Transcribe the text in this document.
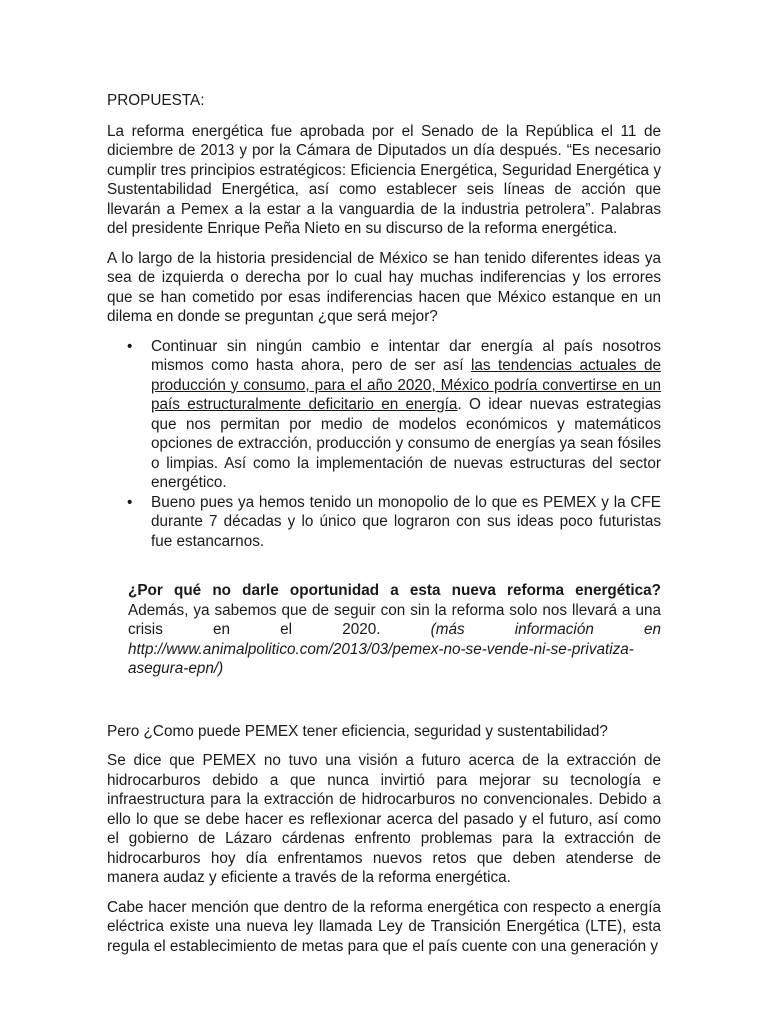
PROPUESTA:

La reforma energética fue aprobada por el Senado de la República el 11 de diciembre de 2013 y por la Cámara de Diputados un día después. “Es necesario cumplir tres principios estratégicos: Eficiencia Energética, Seguridad Energética y Sustentabilidad Energética, así como establecer seis líneas de acción que llevarán a Pemex a la estar a la vanguardia de la industria petrolera”. Palabras del presidente Enrique Peña Nieto en su discurso de la reforma energética.

A lo largo de la historia presidencial de México se han tenido diferentes ideas ya sea de izquierda o derecha por lo cual hay muchas indiferencias y los errores que se han cometido por esas indiferencias hacen que México estanque en un dilema en donde se preguntan ¿que será mejor?

• Continuar sin ningún cambio e intentar dar energía al país nosotros mismos como hasta ahora, pero de ser así las tendencias actuales de producción y consumo, para el año 2020, México podría convertirse en un país estructuralmente deficitario en energía. O idear nuevas estrategias que nos permitan por medio de modelos económicos y matemáticos opciones de extracción, producción y consumo de energías ya sean fósiles o limpias. Así como la implementación de nuevas estructuras del sector energético.
• Bueno pues ya hemos tenido un monopolio de lo que es PEMEX y la CFE durante 7 décadas y lo único que lograron con sus ideas poco futuristas fue estancarnos.

¿Por qué no darle oportunidad a esta nueva reforma energética? Además, ya sabemos que de seguir con sin la reforma solo nos llevará a una crisis en el 2020. (más información en http://www.animalpolitico.com/2013/03/pemex-no-se-vende-ni-se-privatiza-asegura-epn/)

Pero ¿Como puede PEMEX tener eficiencia, seguridad y sustentabilidad?

Se dice que PEMEX no tuvo una visión a futuro acerca de la extracción de hidrocarburos debido a que nunca invirtió para mejorar su tecnología e infraestructura para la extracción de hidrocarburos no convencionales. Debido a ello lo que se debe hacer es reflexionar acerca del pasado y el futuro, así como el gobierno de Lázaro cárdenas enfrento problemas para la extracción de hidrocarburos hoy día enfrentamos nuevos retos que deben atenderse de manera audaz y eficiente a través de la reforma energética.

Cabe hacer mención que dentro de la reforma energética con respecto a energía eléctrica existe una nueva ley llamada Ley de Transición Energética (LTE), esta regula el establecimiento de metas para que el país cuente con una generación y
